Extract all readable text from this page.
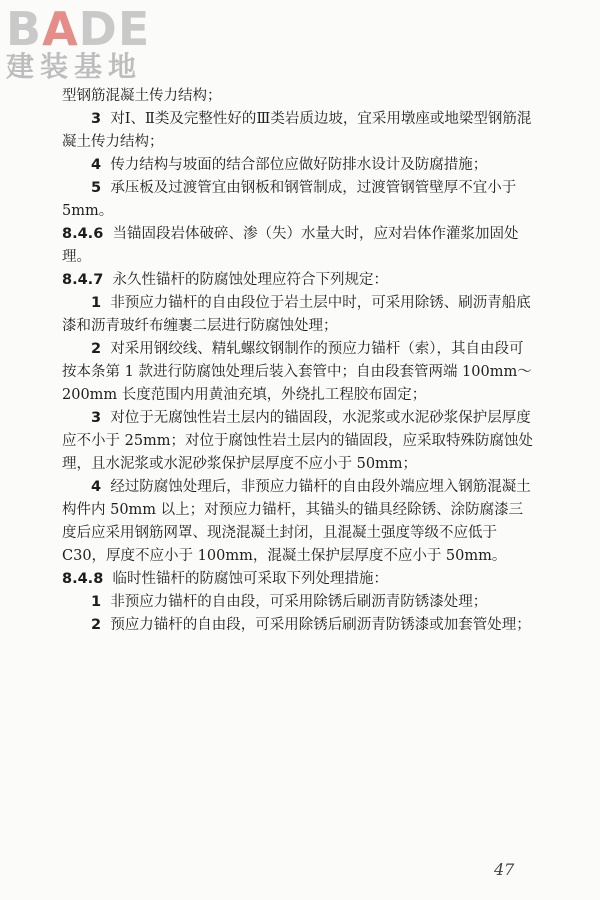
BADE
建装基地

型钢筋混凝土传力结构；

3 对Ⅰ、Ⅱ类及完整性好的Ⅲ类岩质边坡，宜采用墩座或地梁型钢筋混凝土传力结构；

4 传力结构与坡面的结合部位应做好防排水设计及防腐措施；

5 承压板及过渡管宜由钢板和钢管制成，过渡管钢管壁厚不宜小于 5mm。

8.4.6 当锚固段岩体破碎、渗（失）水量大时，应对岩体作灌浆加固处理。

8.4.7 永久性锚杆的防腐蚀处理应符合下列规定：

1 非预应力锚杆的自由段位于岩土层中时，可采用除锈、刷沥青船底漆和沥青玻纤布缠裹二层进行防腐蚀处理；

2 对采用钢绞线、精轧螺纹钢制作的预应力锚杆（索），其自由段可按本条第 1 款进行防腐蚀处理后装入套管中；自由段套管两端 100mm～200mm 长度范围内用黄油充填，外绕扎工程胶布固定；

3 对位于无腐蚀性岩土层内的锚固段，水泥浆或水泥砂浆保护层厚度应不小于 25mm；对位于腐蚀性岩土层内的锚固段，应采取特殊防腐蚀处理，且水泥浆或水泥砂浆保护层厚度不应小于 50mm；

4 经过防腐蚀处理后，非预应力锚杆的自由段外端应埋入钢筋混凝土构件内 50mm 以上；对预应力锚杆，其锚头的锚具经除锈、涂防腐漆三度后应采用钢筋网罩、现浇混凝土封闭，且混凝土强度等级不应低于 C30，厚度不应小于 100mm，混凝土保护层厚度不应小于 50mm。

8.4.8 临时性锚杆的防腐蚀可采取下列处理措施：

1 非预应力锚杆的自由段，可采用除锈后刷沥青防锈漆处理；

2 预应力锚杆的自由段，可采用除锈后刷沥青防锈漆或加套管处理；

47
